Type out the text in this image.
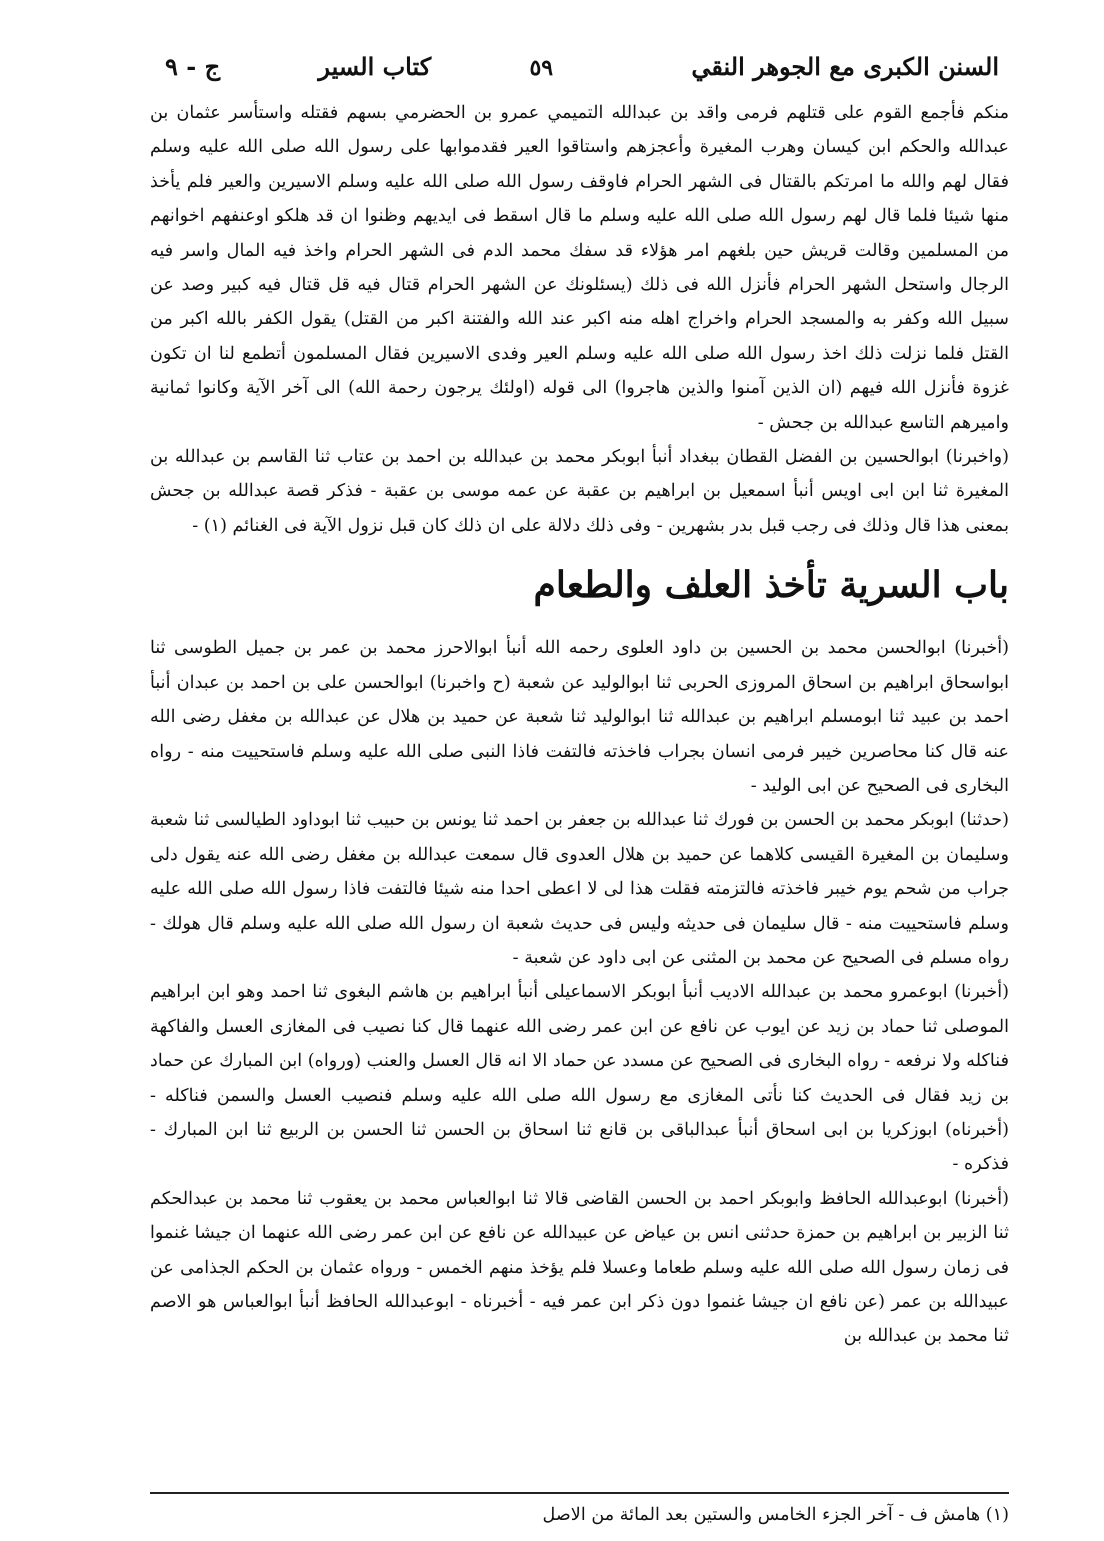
السنن الكبرى مع الجوهر النقي
٥٩
كتاب السير
ج - ٩

منكم فأجمع القوم على قتلهم فرمى واقد بن عبدالله التميمي عمرو بن الحضرمي بسهم فقتله واستأسر عثمان بن عبدالله والحكم ابن كيسان وهرب المغيرة وأعجزهم واستاقوا العير فقدموابها على رسول الله صلى الله عليه وسلم فقال لهم والله ما امرتكم بالقتال فى الشهر الحرام فاوقف رسول الله صلى الله عليه وسلم الاسيرين والعير فلم يأخذ منها شيئا فلما قال لهم رسول الله صلى الله عليه وسلم ما قال اسقط فى ايديهم وظنوا ان قد هلكو اوعنفهم اخوانهم من المسلمين وقالت قريش حين بلغهم امر هؤلاء قد سفك محمد الدم فى الشهر الحرام واخذ فيه المال واسر فيه الرجال واستحل الشهر الحرام فأنزل الله فى ذلك (يسئلونك عن الشهر الحرام قتال فيه قل قتال فيه كبير وصد عن سبيل الله وكفر به والمسجد الحرام واخراج اهله منه اكبر عند الله والفتنة اكبر من القتل) يقول الكفر بالله اكبر من القتل فلما نزلت ذلك اخذ رسول الله صلى الله عليه وسلم العير وفدى الاسيرين فقال المسلمون أتطمع لنا ان تكون غزوة فأنزل الله فيهم (ان الذين آمنوا والذين هاجروا) الى قوله (اولئك يرجون رحمة الله) الى آخر الآية وكانوا ثمانية واميرهم التاسع عبدالله بن جحش -

(واخبرنا) ابوالحسين بن الفضل القطان ببغداد أنبأ ابوبكر محمد بن عبدالله بن احمد بن عتاب ثنا القاسم بن عبدالله بن المغيرة ثنا ابن ابى اويس أنبأ اسمعيل بن ابراهيم بن عقبة عن عمه موسى بن عقبة - فذكر قصة عبدالله بن جحش بمعنى هذا قال وذلك فى رجب قبل بدر بشهرين - وفى ذلك دلالة على ان ذلك كان قبل نزول الآية فى الغنائم (١) -

باب السرية تأخذ العلف والطعام

(أخبرنا) ابوالحسن محمد بن الحسين بن داود العلوى رحمه الله أنبأ ابوالاحرز محمد بن عمر بن جميل الطوسى ثنا ابواسحاق ابراهيم بن اسحاق المروزى الحربى ثنا ابوالوليد عن شعبة (ح واخبرنا) ابوالحسن على بن احمد بن عبدان أنبأ احمد بن عبيد ثنا ابومسلم ابراهيم بن عبدالله ثنا ابوالوليد ثنا شعبة عن حميد بن هلال عن عبدالله بن مغفل رضى الله عنه قال كنا محاصرين خيبر فرمى انسان بجراب فاخذته فالتفت فاذا النبى صلى الله عليه وسلم فاستحييت منه - رواه البخارى فى الصحيح عن ابى الوليد -

(حدثنا) ابوبكر محمد بن الحسن بن فورك ثنا عبدالله بن جعفر بن احمد ثنا يونس بن حبيب ثنا ابوداود الطيالسى ثنا شعبة وسليمان بن المغيرة القيسى كلاهما عن حميد بن هلال العدوى قال سمعت عبدالله بن مغفل رضى الله عنه يقول دلى جراب من شحم يوم خيبر فاخذته فالتزمته فقلت هذا لى لا اعطى احدا منه شيئا فالتفت فاذا رسول الله صلى الله عليه وسلم فاستحييت منه - قال سليمان فى حديثه وليس فى حديث شعبة ان رسول الله صلى الله عليه وسلم قال هولك - رواه مسلم فى الصحيح عن محمد بن المثنى عن ابى داود عن شعبة -

(أخبرنا) ابوعمرو محمد بن عبدالله الاديب أنبأ ابوبكر الاسماعيلى أنبأ ابراهيم بن هاشم البغوى ثنا احمد وهو ابن ابراهيم الموصلى ثنا حماد بن زيد عن ايوب عن نافع عن ابن عمر رضى الله عنهما قال كنا نصيب فى المغازى العسل والفاكهة فناكله ولا نرفعه - رواه البخارى فى الصحيح عن مسدد عن حماد الا انه قال العسل والعنب (ورواه) ابن المبارك عن حماد بن زيد فقال فى الحديث كنا نأتى المغازى مع رسول الله صلى الله عليه وسلم فنصيب العسل والسمن فناكله - (أخبرناه) ابوزكريا بن ابى اسحاق أنبأ عبدالباقى بن قانع ثنا اسحاق بن الحسن ثنا الحسن بن الربيع ثنا ابن المبارك - فذكره -

(أخبرنا) ابوعبدالله الحافظ وابوبكر احمد بن الحسن القاضى قالا ثنا ابوالعباس محمد بن يعقوب ثنا محمد بن عبدالحكم ثنا الزبير بن ابراهيم بن حمزة حدثنى انس بن عياض عن عبيدالله عن نافع عن ابن عمر رضى الله عنهما ان جيشا غنموا فى زمان رسول الله صلى الله عليه وسلم طعاما وعسلا فلم يؤخذ منهم الخمس - ورواه عثمان بن الحكم الجذامى عن عبيدالله بن عمر (عن نافع ان جيشا غنموا دون ذكر ابن عمر فيه - أخبرناه - ابوعبدالله الحافظ أنبأ ابوالعباس هو الاصم ثنا محمد بن عبدالله بن

(١) هامش ف - آخر الجزء الخامس والستين بعد المائة من الاصل
